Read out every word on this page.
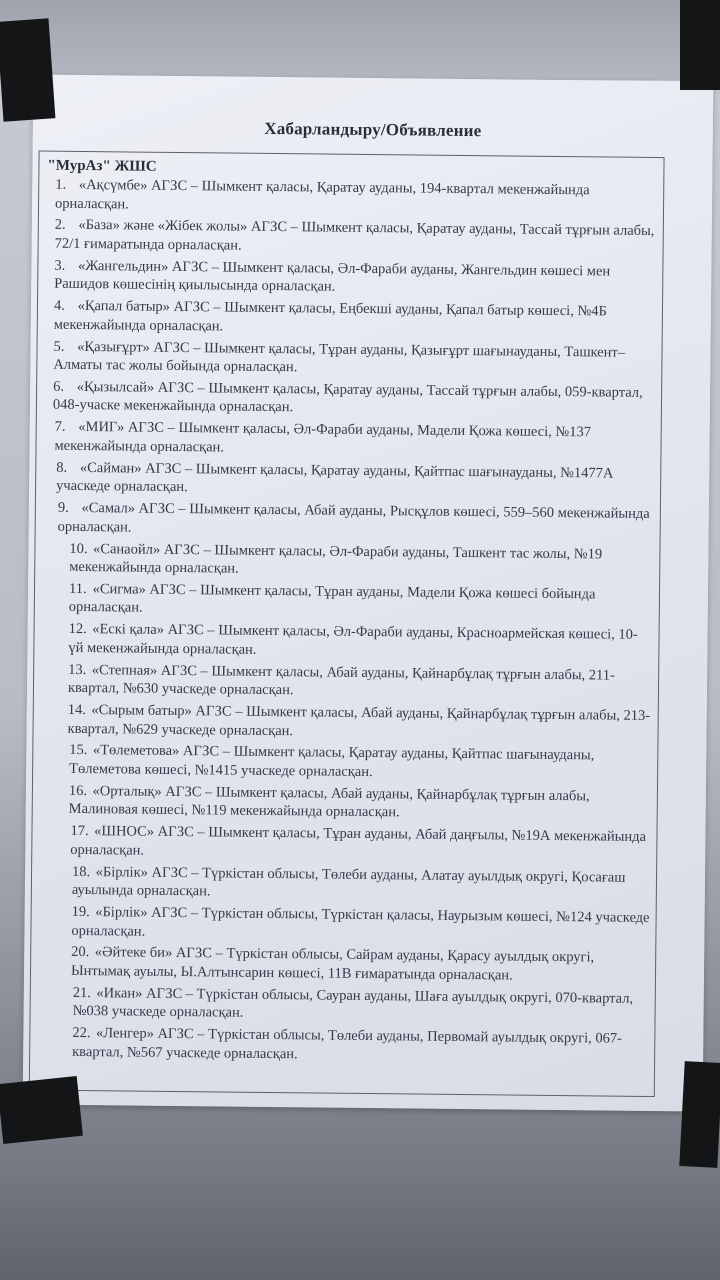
Хабарландыру/Объявление
"МурАз" ЖШС
1. «Ақсүмбе» АГЗС – Шымкент қаласы, Қаратау ауданы, 194-квартал мекенжайында орналасқан.
2. «База» және «Жібек жолы» АГЗС – Шымкент қаласы, Қаратау ауданы, Тассай тұрғын алабы, 72/1 ғимаратында орналасқан.
3. «Жангельдин» АГЗС – Шымкент қаласы, Әл-Фараби ауданы, Жангельдин көшесі мен Рашидов көшесінің қиылысында орналасқан.
4. «Қапал батыр» АГЗС – Шымкент қаласы, Еңбекші ауданы, Қапал батыр көшесі, №4Б мекенжайында орналасқан.
5. «Қазығұрт» АГЗС – Шымкент қаласы, Тұран ауданы, Қазығұрт шағынауданы, Ташкент–Алматы тас жолы бойында орналасқан.
6. «Қызылсай» АГЗС – Шымкент қаласы, Қаратау ауданы, Тассай тұрғын алабы, 059-квартал, 048-учаске мекенжайында орналасқан.
7. «МИГ» АГЗС – Шымкент қаласы, Әл-Фараби ауданы, Мадели Қожа көшесі, №137 мекенжайында орналасқан.
8. «Сайман» АГЗС – Шымкент қаласы, Қаратау ауданы, Қайтпас шағынауданы, №1477А учаскеде орналасқан.
9. «Самал» АГЗС – Шымкент қаласы, Абай ауданы, Рысқұлов көшесі, 559–560 мекенжайында орналасқан.
10. «Санаойл» АГЗС – Шымкент қаласы, Әл-Фараби ауданы, Ташкент тас жолы, №19 мекенжайында орналасқан.
11. «Сигма» АГЗС – Шымкент қаласы, Тұран ауданы, Мадели Қожа көшесі бойында орналасқан.
12. «Ескі қала» АГЗС – Шымкент қаласы, Әл-Фараби ауданы, Красноармейская көшесі, 10-үй мекенжайында орналасқан.
13. «Степная» АГЗС – Шымкент қаласы, Абай ауданы, Қайнарбұлақ тұрғын алабы, 211-квартал, №630 учаскеде орналасқан.
14. «Сырым батыр» АГЗС – Шымкент қаласы, Абай ауданы, Қайнарбұлақ тұрғын алабы, 213-квартал, №629 учаскеде орналасқан.
15. «Төлеметова» АГЗС – Шымкент қаласы, Қаратау ауданы, Қайтпас шағынауданы, Төлеметова көшесі, №1415 учаскеде орналасқан.
16. «Орталық» АГЗС – Шымкент қаласы, Абай ауданы, Қайнарбұлақ тұрғын алабы, Малиновая көшесі, №119 мекенжайында орналасқан.
17. «ШНОС» АГЗС – Шымкент қаласы, Тұран ауданы, Абай даңғылы, №19А мекенжайында орналасқан.
18. «Бірлік» АГЗС – Түркістан облысы, Төлеби ауданы, Алатау ауылдық округі, Қосағаш ауылында орналасқан.
19. «Бірлік» АГЗС – Түркістан облысы, Түркістан қаласы, Наурызым көшесі, №124 учаскеде орналасқан.
20. «Әйтеке би» АГЗС – Түркістан облысы, Сайрам ауданы, Қарасу ауылдық округі, Ынтымақ ауылы, Ы.Алтынсарин көшесі, 11В ғимаратында орналасқан.
21. «Икан» АГЗС – Түркістан облысы, Сауран ауданы, Шаға ауылдық округі, 070-квартал, №038 учаскеде орналасқан.
22. «Ленгер» АГЗС – Түркістан облысы, Төлеби ауданы, Первомай ауылдық округі, 067-квартал, №567 учаскеде орналасқан.
